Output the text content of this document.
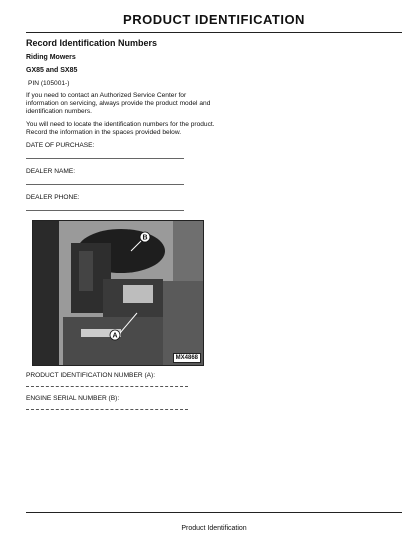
PRODUCT IDENTIFICATION
Record Identification Numbers
Riding Mowers
GX85 and SX85
PIN (105001-)
If you need to contact an Authorized Service Center for information on servicing, always provide the product model and identification numbers.
You will need to locate the identification numbers for the product. Record the information in the spaces provided below.
DATE OF PURCHASE:
DEALER NAME:
DEALER PHONE:
B
A
MX4868
PRODUCT IDENTIFICATION NUMBER (A):
ENGINE SERIAL NUMBER (B):
Product Identification
